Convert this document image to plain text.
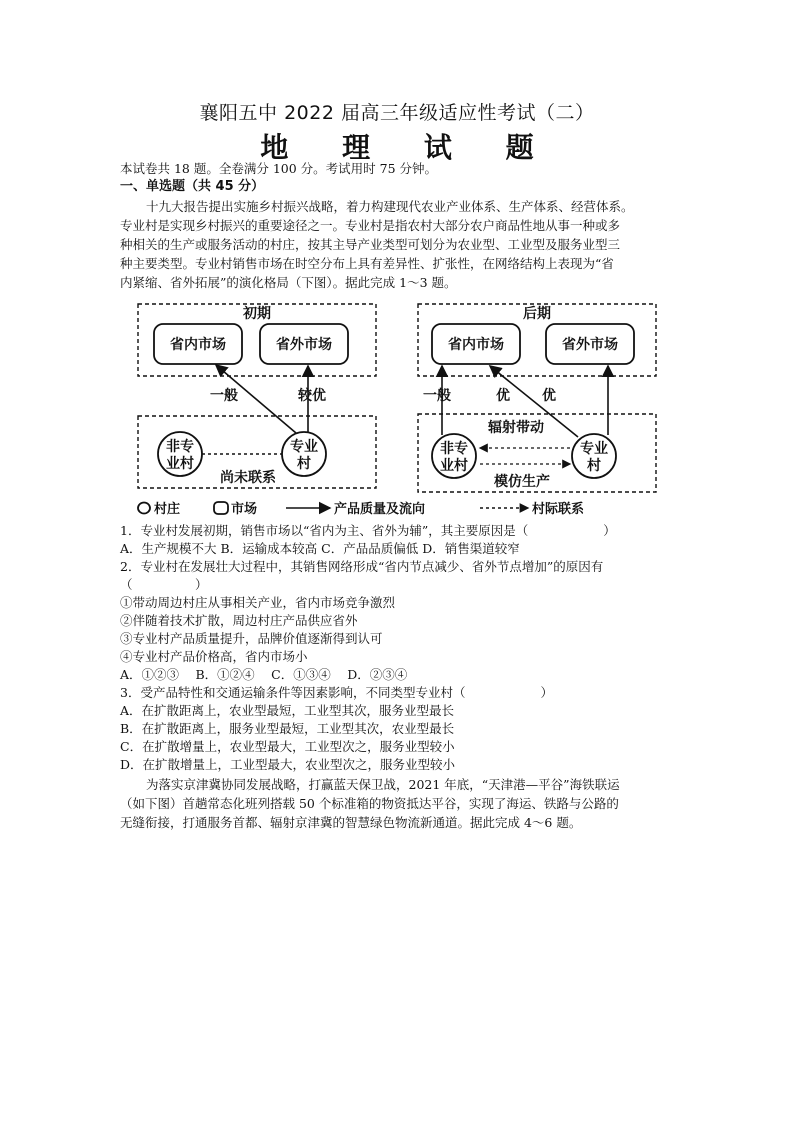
襄阳五中 2022 届高三年级适应性考试（二）
地 理 试 题
本试卷共 18 题。全卷满分 100 分。考试用时 75 分钟。
一、单选题（共 45 分）
十九大报告提出实施乡村振兴战略，着力构建现代农业产业体系、生产体系、经营体系。
专业村是实现乡村振兴的重要途径之一。专业村是指农村大部分农户商品性地从事一种或多
种相关的生产或服务活动的村庄，按其主导产业类型可划分为农业型、工业型及服务业型三
种主要类型。专业村销售市场在时空分布上具有差异性、扩张性，在网络结构上表现为“省
内紧缩、省外拓展”的演化格局（下图）。据此完成 1～3 题。
初期
省内市场	省外市场
一般	较优
非专
业村
专业
村
尚未联系
后期
省内市场	省外市场
一般	优 优
辐射带动
非专
业村
专业
村
模仿生产
村庄	市场	产品质量及流向	村际联系
1．专业村发展初期，销售市场以“省内为主、省外为辅”，其主要原因是（　　　　　　）
A．生产规模不大 B．运输成本较高 C．产品品质偏低 D．销售渠道较窄
2．专业村在发展壮大过程中，其销售网络形成“省内节点减少、省外节点增加”的原因有
（　　　　　）
①带动周边村庄从事相关产业，省内市场竞争激烈
②伴随着技术扩散，周边村庄产品供应省外
③专业村产品质量提升，品牌价值逐渐得到认可
④专业村产品价格高，省内市场小
A．①②③　 B．①②④　 C．①③④　 D．②③④
3．受产品特性和交通运输条件等因素影响，不同类型专业村（　　　　　　）
A．在扩散距离上，农业型最短，工业型其次，服务业型最长
B．在扩散距离上，服务业型最短，工业型其次，农业型最长
C．在扩散增量上，农业型最大，工业型次之，服务业型较小
D．在扩散增量上，工业型最大，农业型次之，服务业型较小
为落实京津冀协同发展战略，打赢蓝天保卫战，2021 年底，“天津港—平谷”海铁联运
（如下图）首趟常态化班列搭载 50 个标准箱的物资抵达平谷，实现了海运、铁路与公路的
无缝衔接，打通服务首都、辐射京津冀的智慧绿色物流新通道。据此完成 4～6 题。
